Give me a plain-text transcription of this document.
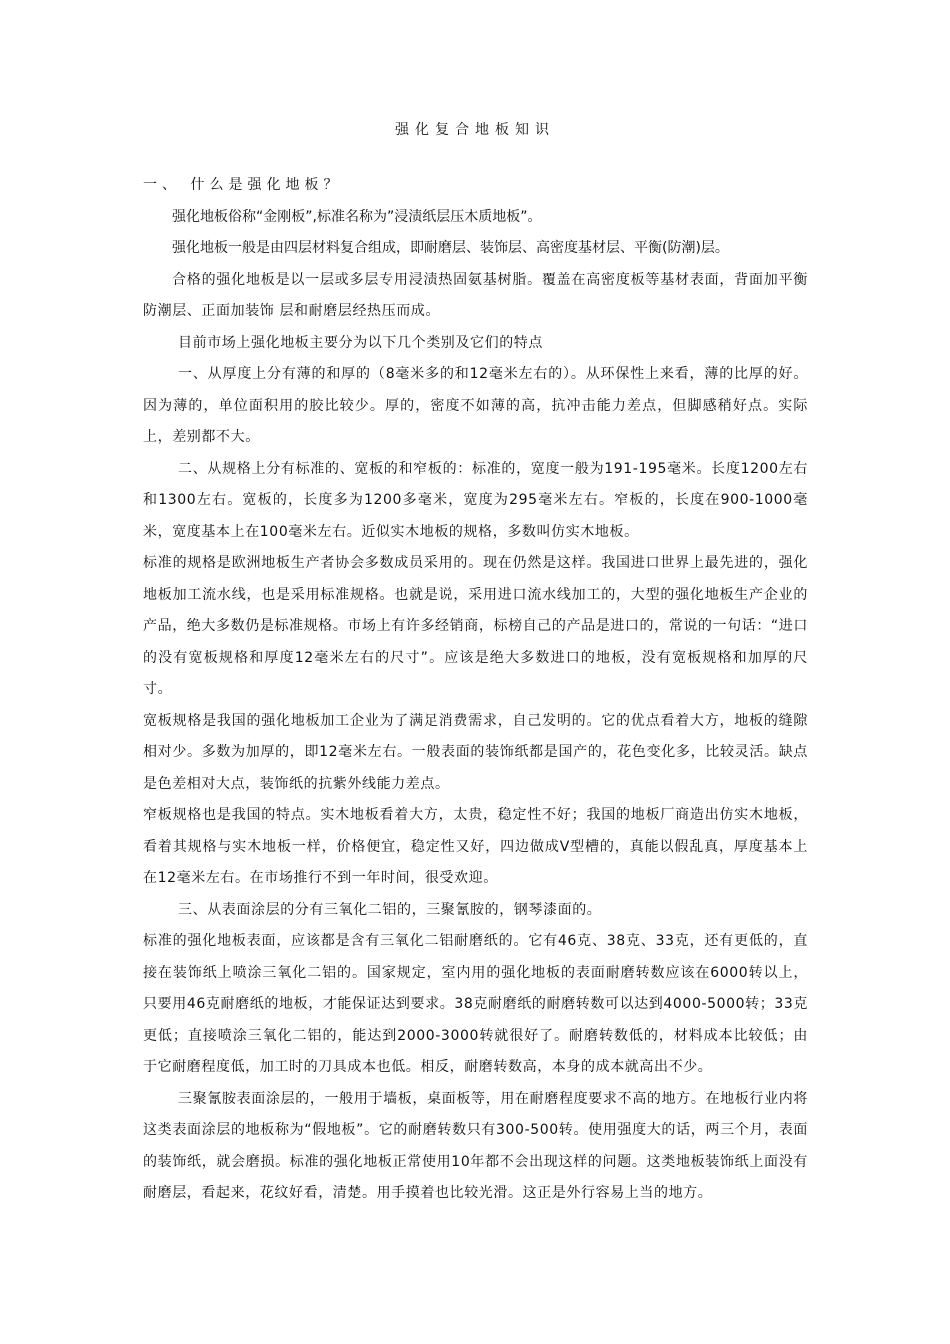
强化复合地板知识

一、 什么是强化地板？

强化地板俗称“金刚板”,标准名称为”浸渍纸层压木质地板”。

强化地板一般是由四层材料复合组成，即耐磨层、装饰层、高密度基材层、平衡(防潮)层。

合格的强化地板是以一层或多层专用浸渍热固氨基树脂。覆盖在高密度板等基材表面，背面加平衡防潮层、正面加装饰 层和耐磨层经热压而成。

目前市场上强化地板主要分为以下几个类别及它们的特点

一、从厚度上分有薄的和厚的（8毫米多的和12毫米左右的）。从环保性上来看，薄的比厚的好。因为薄的，单位面积用的胶比较少。厚的，密度不如薄的高，抗冲击能力差点，但脚感稍好点。实际上，差别都不大。

二、从规格上分有标准的、宽板的和窄板的：标准的，宽度一般为191-195毫米。长度1200左右和1300左右。宽板的，长度多为1200多毫米，宽度为295毫米左右。窄板的，长度在900-1000毫米，宽度基本上在100毫米左右。近似实木地板的规格，多数叫仿实木地板。

标准的规格是欧洲地板生产者协会多数成员采用的。现在仍然是这样。我国进口世界上最先进的，强化地板加工流水线，也是采用标准规格。也就是说，采用进口流水线加工的，大型的强化地板生产企业的产品，绝大多数仍是标准规格。市场上有许多经销商，标榜自己的产品是进口的，常说的一句话：“进口的没有宽板规格和厚度12毫米左右的尺寸”。应该是绝大多数进口的地板，没有宽板规格和加厚的尺寸。

宽板规格是我国的强化地板加工企业为了满足消费需求，自己发明的。它的优点看着大方，地板的缝隙相对少。多数为加厚的，即12毫米左右。一般表面的装饰纸都是国产的，花色变化多，比较灵活。缺点是色差相对大点，装饰纸的抗紫外线能力差点。

窄板规格也是我国的特点。实木地板看着大方，太贵，稳定性不好；我国的地板厂商造出仿实木地板，看着其规格与实木地板一样，价格便宜，稳定性又好，四边做成V型槽的，真能以假乱真，厚度基本上在12毫米左右。在市场推行不到一年时间，很受欢迎。

三、从表面涂层的分有三氧化二铝的，三聚氰胺的，钢琴漆面的。

标准的强化地板表面，应该都是含有三氧化二铝耐磨纸的。它有46克、38克、33克，还有更低的，直接在装饰纸上喷涂三氧化二铝的。国家规定，室内用的强化地板的表面耐磨转数应该在6000转以上，只要用46克耐磨纸的地板，才能保证达到要求。38克耐磨纸的耐磨转数可以达到4000-5000转；33克更低；直接喷涂三氧化二铝的，能达到2000-3000转就很好了。耐磨转数低的，材料成本比较低；由于它耐磨程度低，加工时的刀具成本也低。相反，耐磨转数高，本身的成本就高出不少。

三聚氰胺表面涂层的，一般用于墙板，桌面板等，用在耐磨程度要求不高的地方。在地板行业内将这类表面涂层的地板称为“假地板”。它的耐磨转数只有300-500转。使用强度大的话，两三个月，表面的装饰纸，就会磨损。标准的强化地板正常使用10年都不会出现这样的问题。这类地板装饰纸上面没有耐磨层，看起来，花纹好看，清楚。用手摸着也比较光滑。这正是外行容易上当的地方。
